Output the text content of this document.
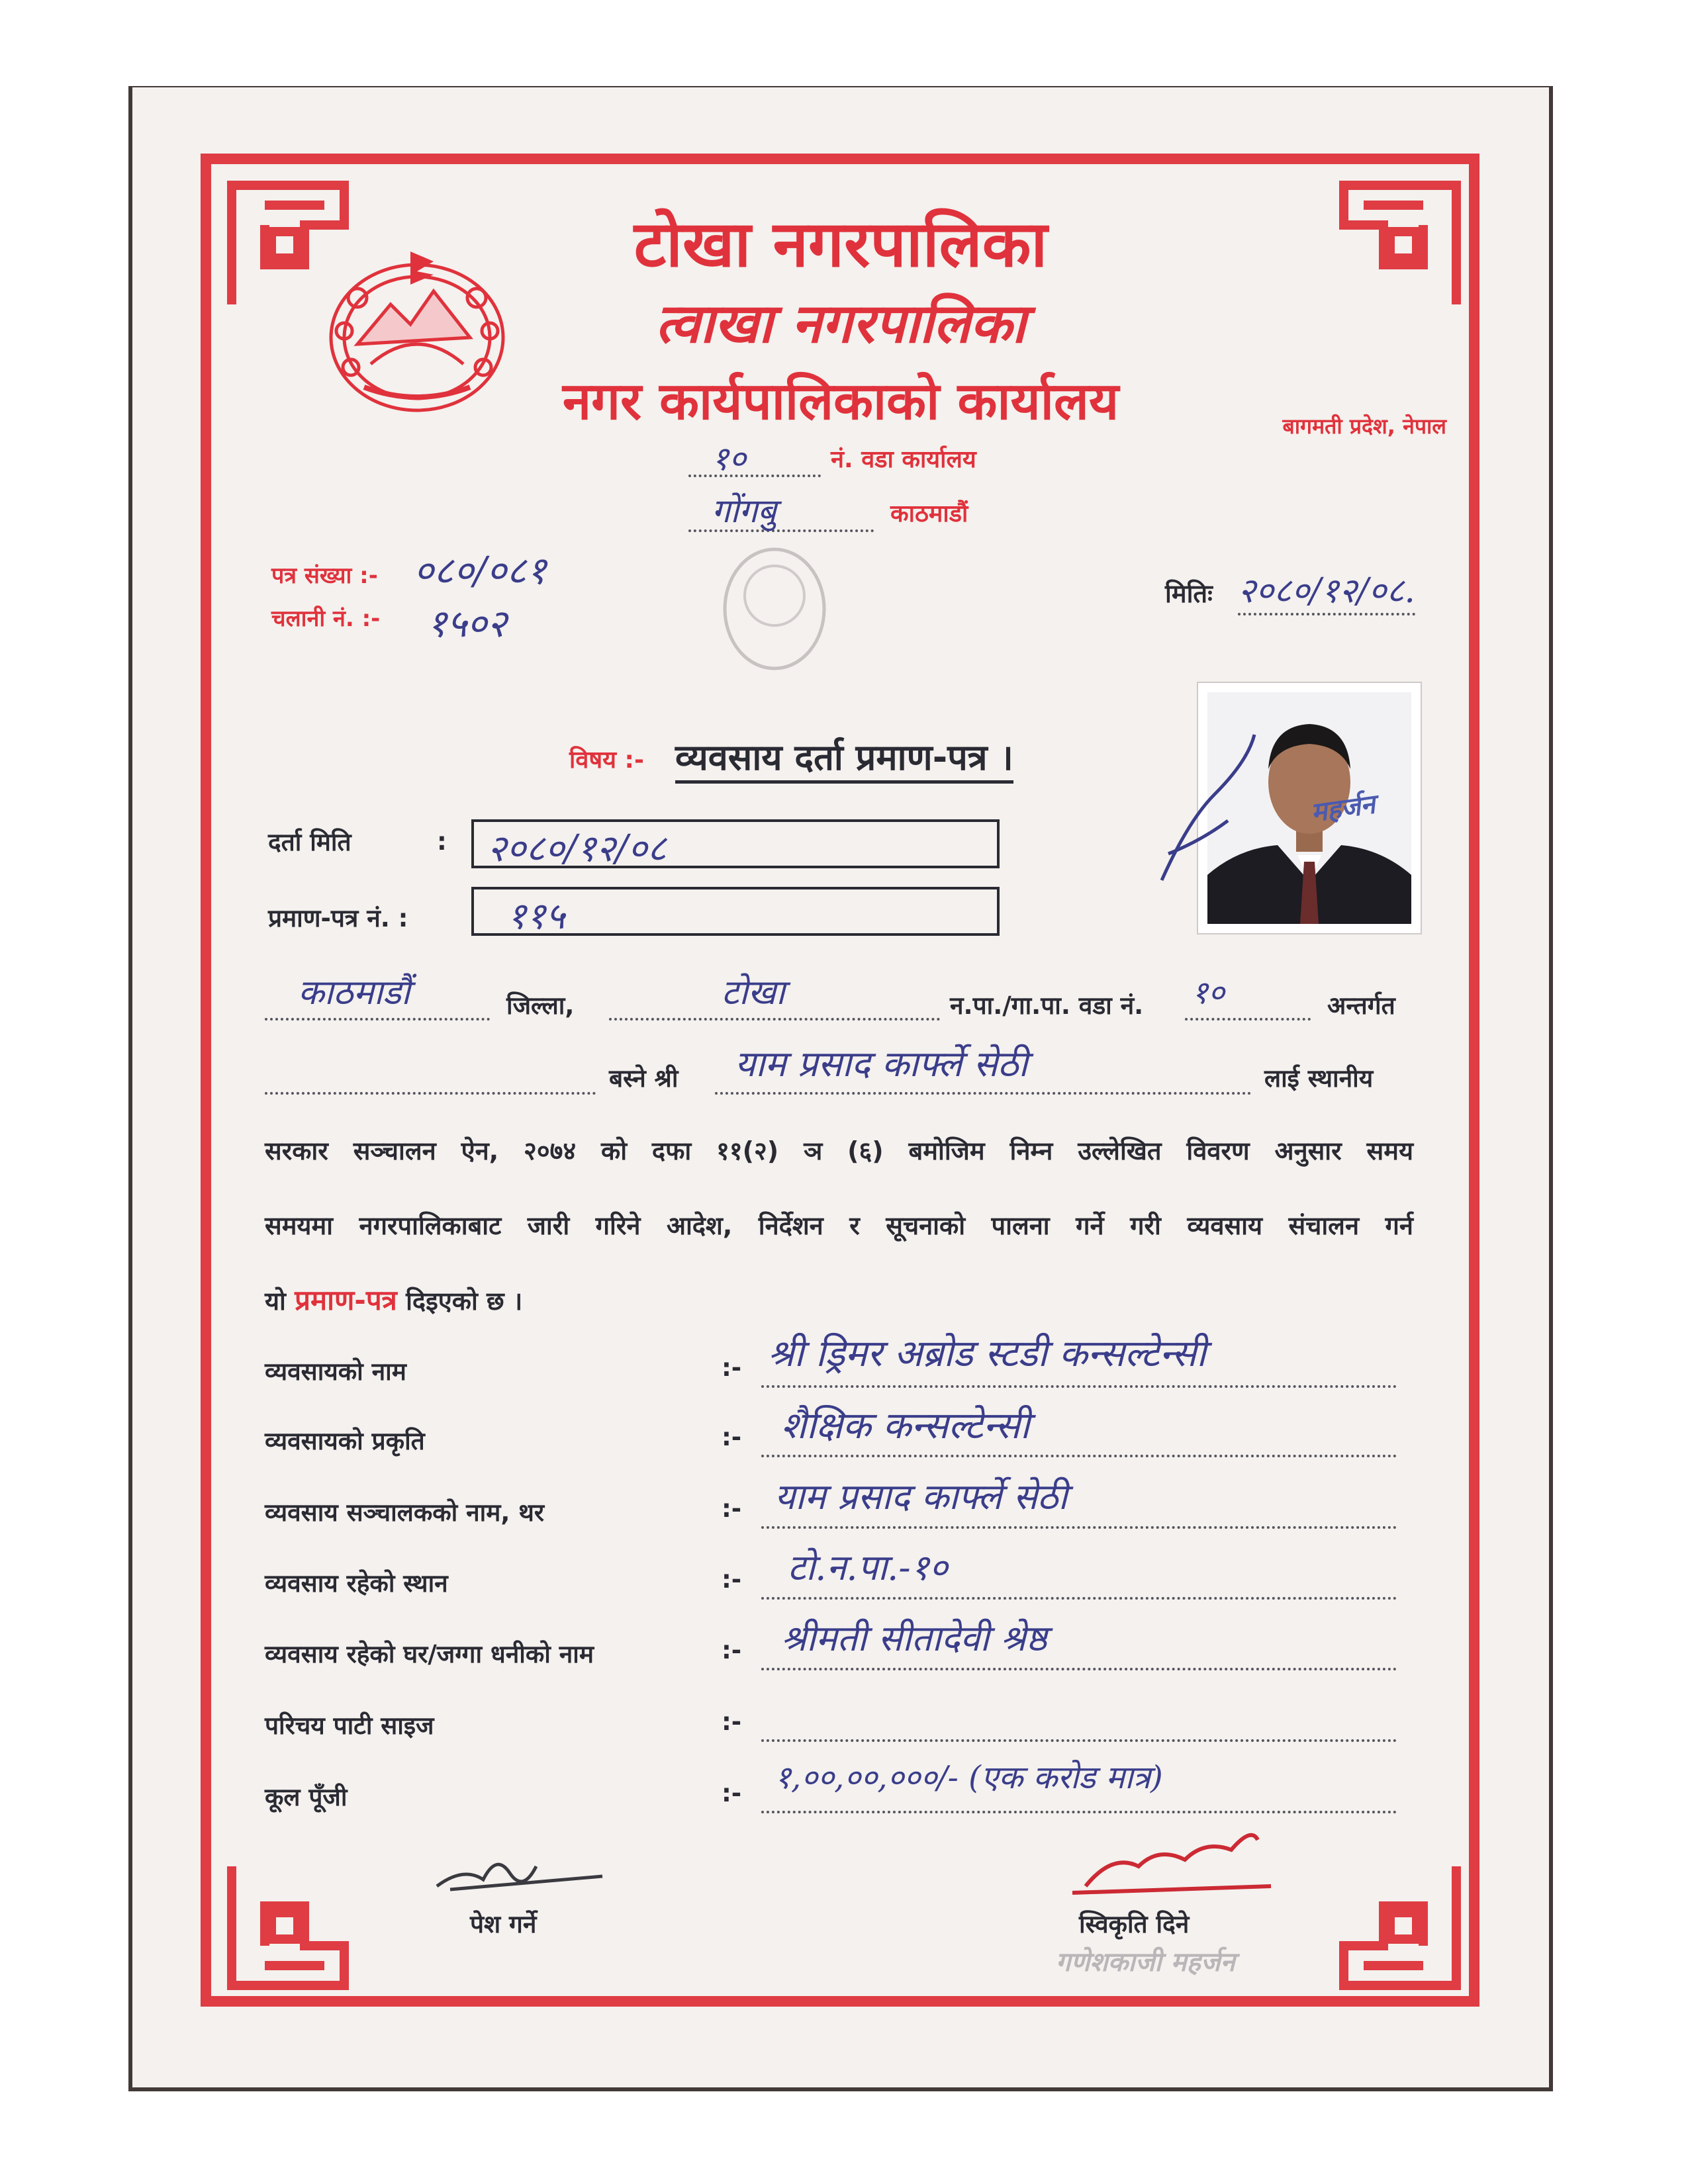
टोखा नगरपालिका
त्वाखा नगरपालिका
नगर कार्यपालिकाको कार्यालय	बागमती प्रदेश, नेपाल
१०	नं. वडा कार्यालय
गोंगबु	काठमाडौं
पत्र संख्या :- ०८०/०८१
चलानी नं. :- १५०२
मितिः २०८०/१२/०८.
महर्जन
विषय :- व्यवसाय दर्ता प्रमाण-पत्र ।
दर्ता मिति	: २०८०/१२/०८
प्रमाण-पत्र नं. :	११५
काठमाडौं	जिल्ला,	टोखा	न.पा./गा.पा. वडा नं. १०	अन्तर्गत
बस्ने श्री याम प्रसाद कार्फ्ले सेठी	लाई स्थानीय
सरकार सञ्चालन ऐन, २०७४ को दफा ११(२) ञ (६) बमोजिम निम्न उल्लेखित विवरण अनुसार समय
समयमा नगरपालिकाबाट जारी गरिने आदेश, निर्देशन र सूचनाको पालना गर्ने गरी व्यवसाय संचालन गर्न
यो प्रमाण-पत्र दिइएको छ ।
व्यवसायको नाम	:- श्री ड्रिमर अब्रोड स्टडी कन्सल्टेन्सी
व्यवसायको प्रकृति	:- शैक्षिक कन्सल्टेन्सी
व्यवसाय सञ्चालकको नाम, थर	:- याम प्रसाद कार्फ्ले सेठी
व्यवसाय रहेको स्थान	:- टो.न.पा.-१०
व्यवसाय रहेको घर/जग्गा धनीको नाम	:- श्रीमती सीतादेवी श्रेष्ठ
परिचय पाटी साइज	:-
कूल पूँजी	:- १,००,००,०००/- (एक करोड मात्र)
पेश गर्ने	स्विकृति दिने
गणेशकाजी महर्जन
